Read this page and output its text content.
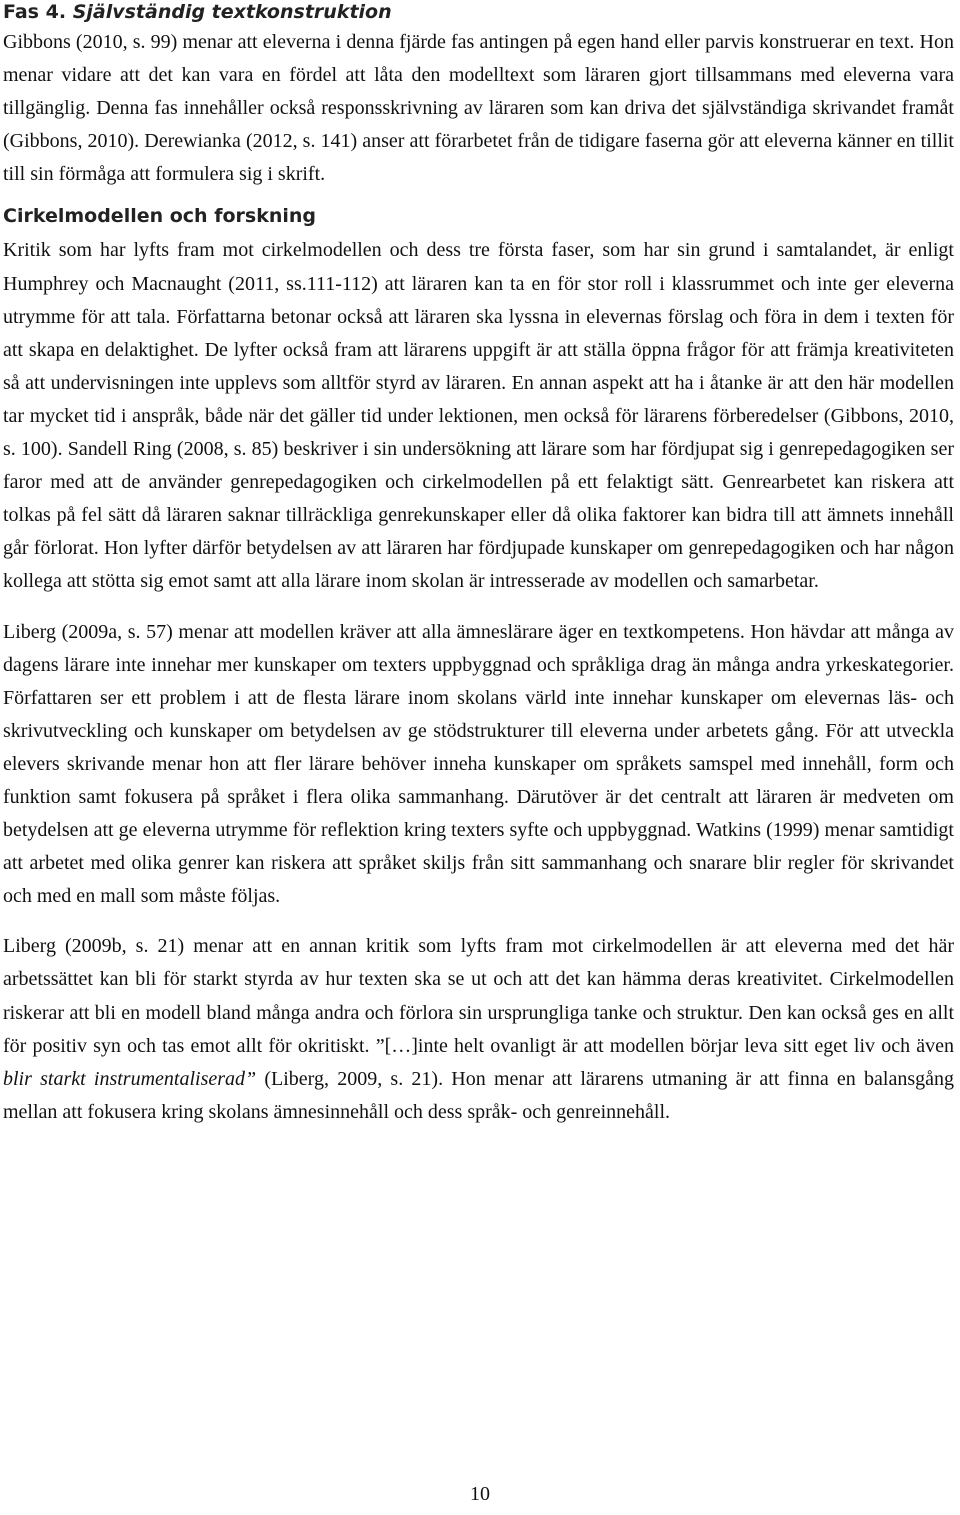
Fas 4. Självständig textkonstruktion

Gibbons (2010, s. 99) menar att eleverna i denna fjärde fas antingen på egen hand eller parvis konstruerar en text. Hon menar vidare att det kan vara en fördel att låta den modelltext som läraren gjort tillsammans med eleverna vara tillgänglig. Denna fas innehåller också responsskrivning av läraren som kan driva det självständiga skrivandet framåt (Gibbons, 2010). Derewianka (2012, s. 141) anser att förarbetet från de tidigare faserna gör att eleverna känner en tillit till sin förmåga att formulera sig i skrift.

Cirkelmodellen och forskning

Kritik som har lyfts fram mot cirkelmodellen och dess tre första faser, som har sin grund i samtalandet, är enligt Humphrey och Macnaught (2011, ss.111-112) att läraren kan ta en för stor roll i klassrummet och inte ger eleverna utrymme för att tala. Författarna betonar också att läraren ska lyssna in elevernas förslag och föra in dem i texten för att skapa en delaktighet. De lyfter också fram att lärarens uppgift är att ställa öppna frågor för att främja kreativiteten så att undervisningen inte upplevs som alltför styrd av läraren. En annan aspekt att ha i åtanke är att den här modellen tar mycket tid i anspråk, både när det gäller tid under lektionen, men också för lärarens förberedelser (Gibbons, 2010, s. 100). Sandell Ring (2008, s. 85) beskriver i sin undersökning att lärare som har fördjupat sig i genrepedagogiken ser faror med att de använder genrepedagogiken och cirkelmodellen på ett felaktigt sätt. Genrearbetet kan riskera att tolkas på fel sätt då läraren saknar tillräckliga genrekunskaper eller då olika faktorer kan bidra till att ämnets innehåll går förlorat. Hon lyfter därför betydelsen av att läraren har fördjupade kunskaper om genrepedagogiken och har någon kollega att stötta sig emot samt att alla lärare inom skolan är intresserade av modellen och samarbetar.

Liberg (2009a, s. 57) menar att modellen kräver att alla ämneslärare äger en textkompetens. Hon hävdar att många av dagens lärare inte innehar mer kunskaper om texters uppbyggnad och språkliga drag än många andra yrkeskategorier. Författaren ser ett problem i att de flesta lärare inom skolans värld inte innehar kunskaper om elevernas läs- och skrivutveckling och kunskaper om betydelsen av ge stödstrukturer till eleverna under arbetets gång. För att utveckla elevers skrivande menar hon att fler lärare behöver inneha kunskaper om språkets samspel med innehåll, form och funktion samt fokusera på språket i flera olika sammanhang. Därutöver är det centralt att läraren är medveten om betydelsen att ge eleverna utrymme för reflektion kring texters syfte och uppbyggnad. Watkins (1999) menar samtidigt att arbetet med olika genrer kan riskera att språket skiljs från sitt sammanhang och snarare blir regler för skrivandet och med en mall som måste följas.

Liberg (2009b, s. 21) menar att en annan kritik som lyfts fram mot cirkelmodellen är att eleverna med det här arbetssättet kan bli för starkt styrda av hur texten ska se ut och att det kan hämma deras kreativitet. Cirkelmodellen riskerar att bli en modell bland många andra och förlora sin ursprungliga tanke och struktur. Den kan också ges en allt för positiv syn och tas emot allt för okritiskt. ”[…]inte helt ovanligt är att modellen börjar leva sitt eget liv och även blir starkt instrumentaliserad” (Liberg, 2009, s. 21). Hon menar att lärarens utmaning är att finna en balansgång mellan att fokusera kring skolans ämnesinnehåll och dess språk- och genreinnehåll.

10
